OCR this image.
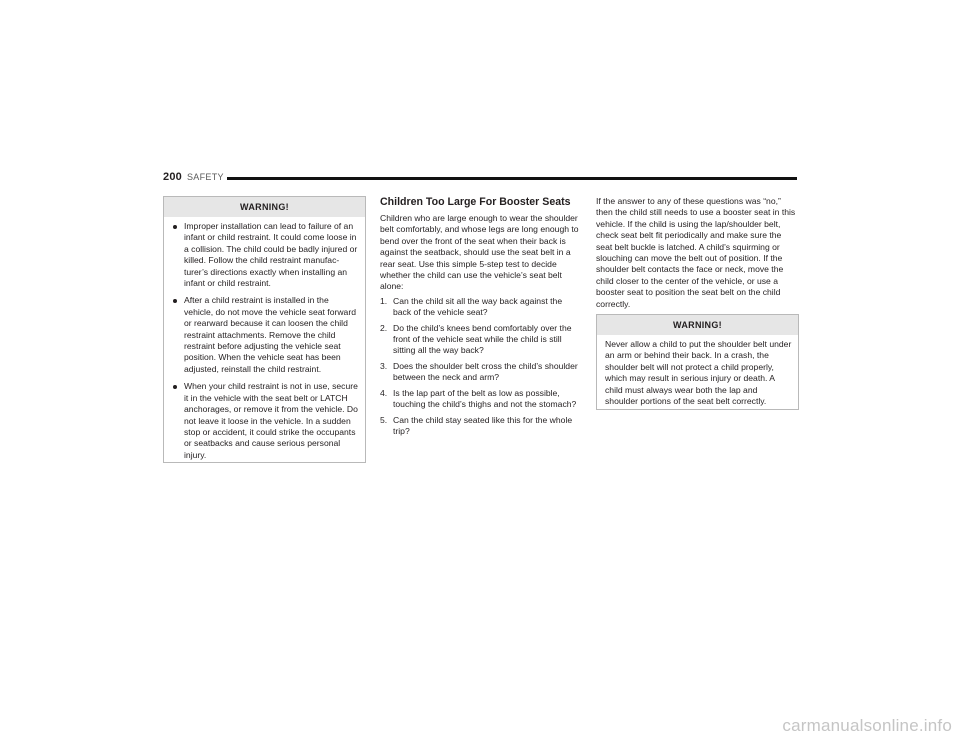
200 SAFETY
WARNING!
Improper installation can lead to failure of an infant or child restraint. It could come loose in a collision. The child could be badly injured or killed. Follow the child restraint manufac-turer’s directions exactly when installing an infant or child restraint.
After a child restraint is installed in the vehicle, do not move the vehicle seat forward or rearward because it can loosen the child restraint attachments. Remove the child restraint before adjusting the vehicle seat position. When the vehicle seat has been adjusted, reinstall the child restraint.
When your child restraint is not in use, secure it in the vehicle with the seat belt or LATCH anchorages, or remove it from the vehicle. Do not leave it loose in the vehicle. In a sudden stop or accident, it could strike the occupants or seatbacks and cause serious personal injury.
Children Too Large For Booster Seats

Children who are large enough to wear the shoulder belt comfortably, and whose legs are long enough to bend over the front of the seat when their back is against the seatback, should use the seat belt in a rear seat. Use this simple 5-step test to decide whether the child can use the vehicle’s seat belt alone:

1. Can the child sit all the way back against the back of the vehicle seat?
2. Do the child’s knees bend comfortably over the front of the vehicle seat while the child is still sitting all the way back?
3. Does the shoulder belt cross the child’s shoulder between the neck and arm?
4. Is the lap part of the belt as low as possible, touching the child’s thighs and not the stomach?
5. Can the child stay seated like this for the whole trip?

If the answer to any of these questions was “no,” then the child still needs to use a booster seat in this vehicle. If the child is using the lap/shoulder belt, check seat belt fit periodically and make sure the seat belt buckle is latched. A child’s squirming or slouching can move the belt out of position. If the shoulder belt contacts the face or neck, move the child closer to the center of the vehicle, or use a booster seat to position the seat belt on the child correctly.

WARNING!
Never allow a child to put the shoulder belt under an arm or behind their back. In a crash, the shoulder belt will not protect a child properly, which may result in serious injury or death. A child must always wear both the lap and shoulder portions of the seat belt correctly.
carmanualsonline.info
